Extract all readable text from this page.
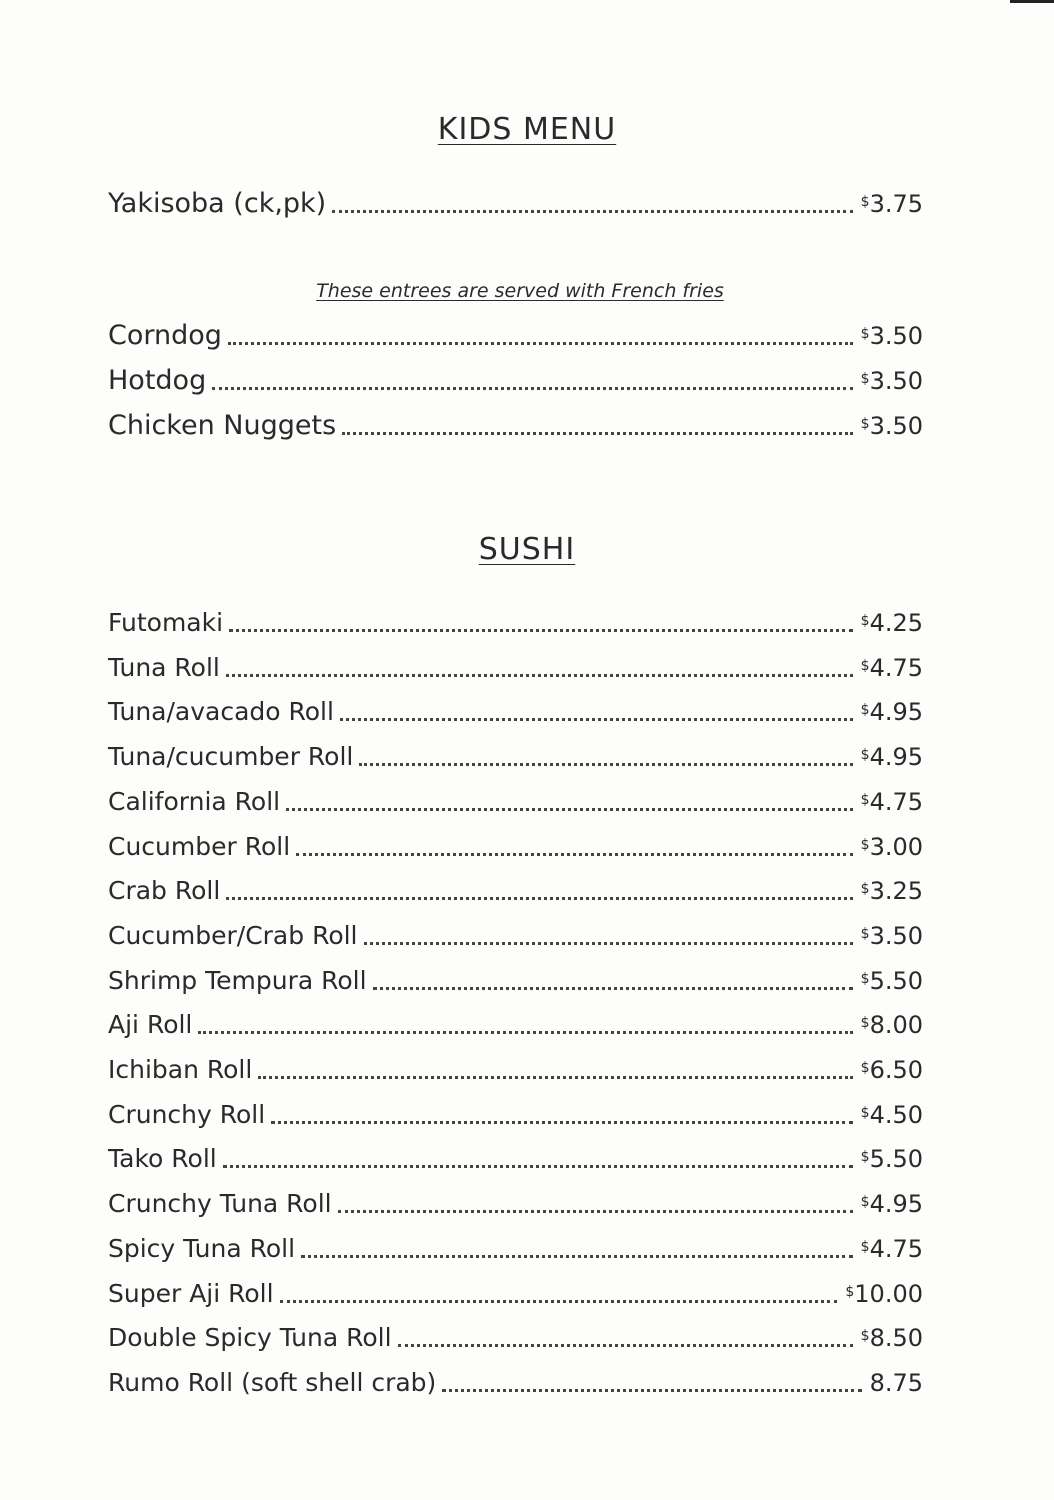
KIDS MENU
Yakisoba (ck,pk)	$3.75
These entrees are served with French fries
Corndog	$3.50
Hotdog	$3.50
Chicken Nuggets	$3.50
SUSHI
Futomaki	$4.25
Tuna Roll	$4.75
Tuna/avacado Roll	$4.95
Tuna/cucumber Roll	$4.95
California Roll	$4.75
Cucumber Roll	$3.00
Crab Roll	$3.25
Cucumber/Crab Roll	$3.50
Shrimp Tempura Roll	$5.50
Aji Roll	$8.00
Ichiban Roll	$6.50
Crunchy Roll	$4.50
Tako Roll	$5.50
Crunchy Tuna Roll	$4.95
Spicy Tuna Roll	$4.75
Super Aji Roll	$10.00
Double Spicy Tuna Roll	$8.50
Rumo Roll (soft shell crab)	8.75
